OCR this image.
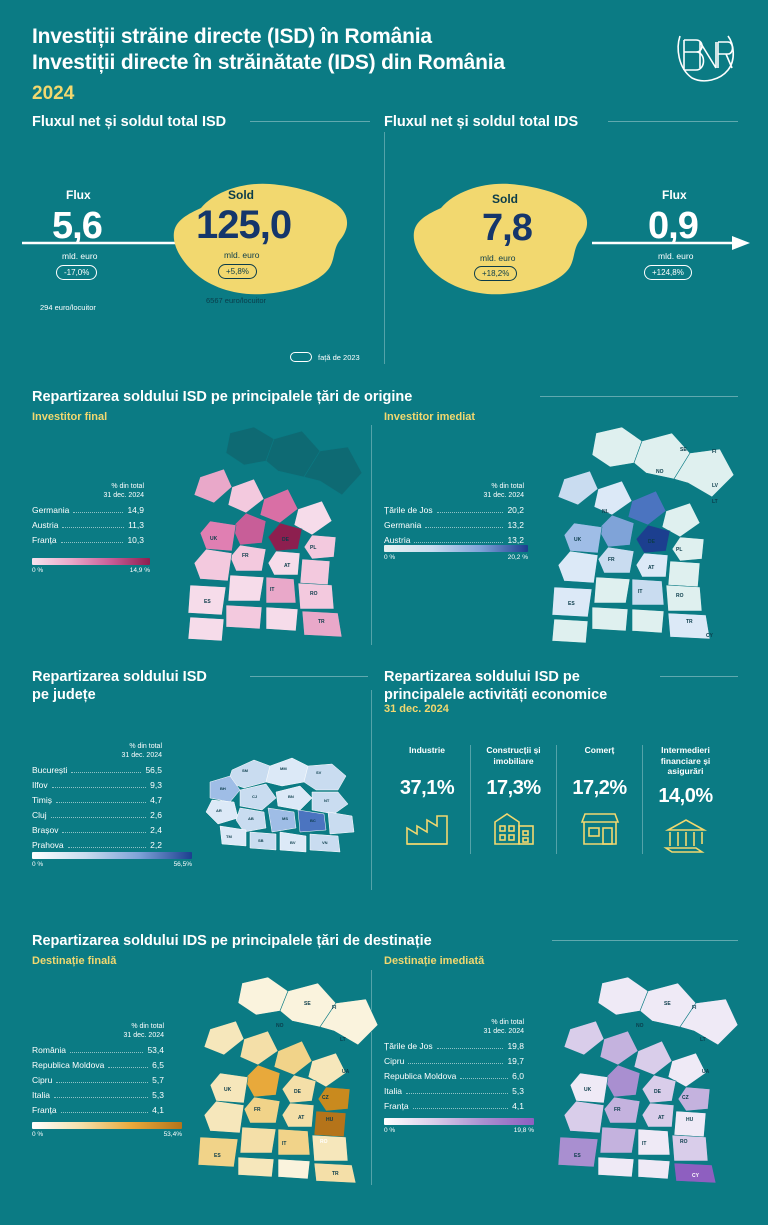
Investiții străine directe (ISD) în România
Investiții directe în străinătate (IDS) din România
2024
Fluxul net și soldul total ISD	Fluxul net și soldul total IDS
Flux
5,6
mld. euro
-17,0%
294 euro/locuitor
Sold
125,0
mld. euro
+5,8%
6567 euro/locuitor
Sold
7,8
mld. euro
+18,2%
Flux
0,9
mld. euro
+124,8%
față de 2023
Repartizarea soldului ISD pe principalele țări de origine
Investitor final	Investitor imediat
UK
FR
DE
PL
AT
IT
RO
ES
TR
% din total
31 dec. 2024
Germania	14,9
Austria	11,3
Franța	10,3
0 %	14,9 %
SE	FI
NO
LV
LT
UK
NL
DE
PL
FR
AT
IT
RO
ES
TR
CY
% din total
31 dec. 2024
Țările de Jos	20,2
Germania	13,2
Austria	13,2
0 %	20,2 %
Repartizarea soldului ISD
pe județe
Repartizarea soldului ISD pe
principalele activități economice
31 dec. 2024
SM	MM
SV
BH
CJ	BN
NT
AR
AB	MS	BC
TM
SB	BV	VN
% din total
31 dec. 2024
București	56,5
Ilfov	9,3
Timiș	4,7
Cluj	2,6
Brașov	2,4
Prahova	2,2
0 %	56,5%
Industrie
37,1%
Construcții și imobiliare
17,3%
Comerț
17,2%
Intermedieri financiare și asigurări
14,0%
Repartizarea soldului IDS pe principalele țări de destinație
Destinație finală	Destinație imediată
SE
FI
NO
LT
UK
FR
DE
CZ
AT	HU
RO
IT
ES
TR
UA
% din total
31 dec. 2024
România	53,4
Republica Moldova	6,5
Cipru	5,7
Italia	5,3
Franța	4,1
0 %	53,4%
SE
FI
NO
LT
UK
FR
DE
CZ
AT	HU
RO
IT
ES
CY
UA
% din total
31 dec. 2024
Țările de Jos	19,8
Cipru	19,7
Republica Moldova	6,0
Italia	5,3
Franța	4,1
0 %	19,8 %
